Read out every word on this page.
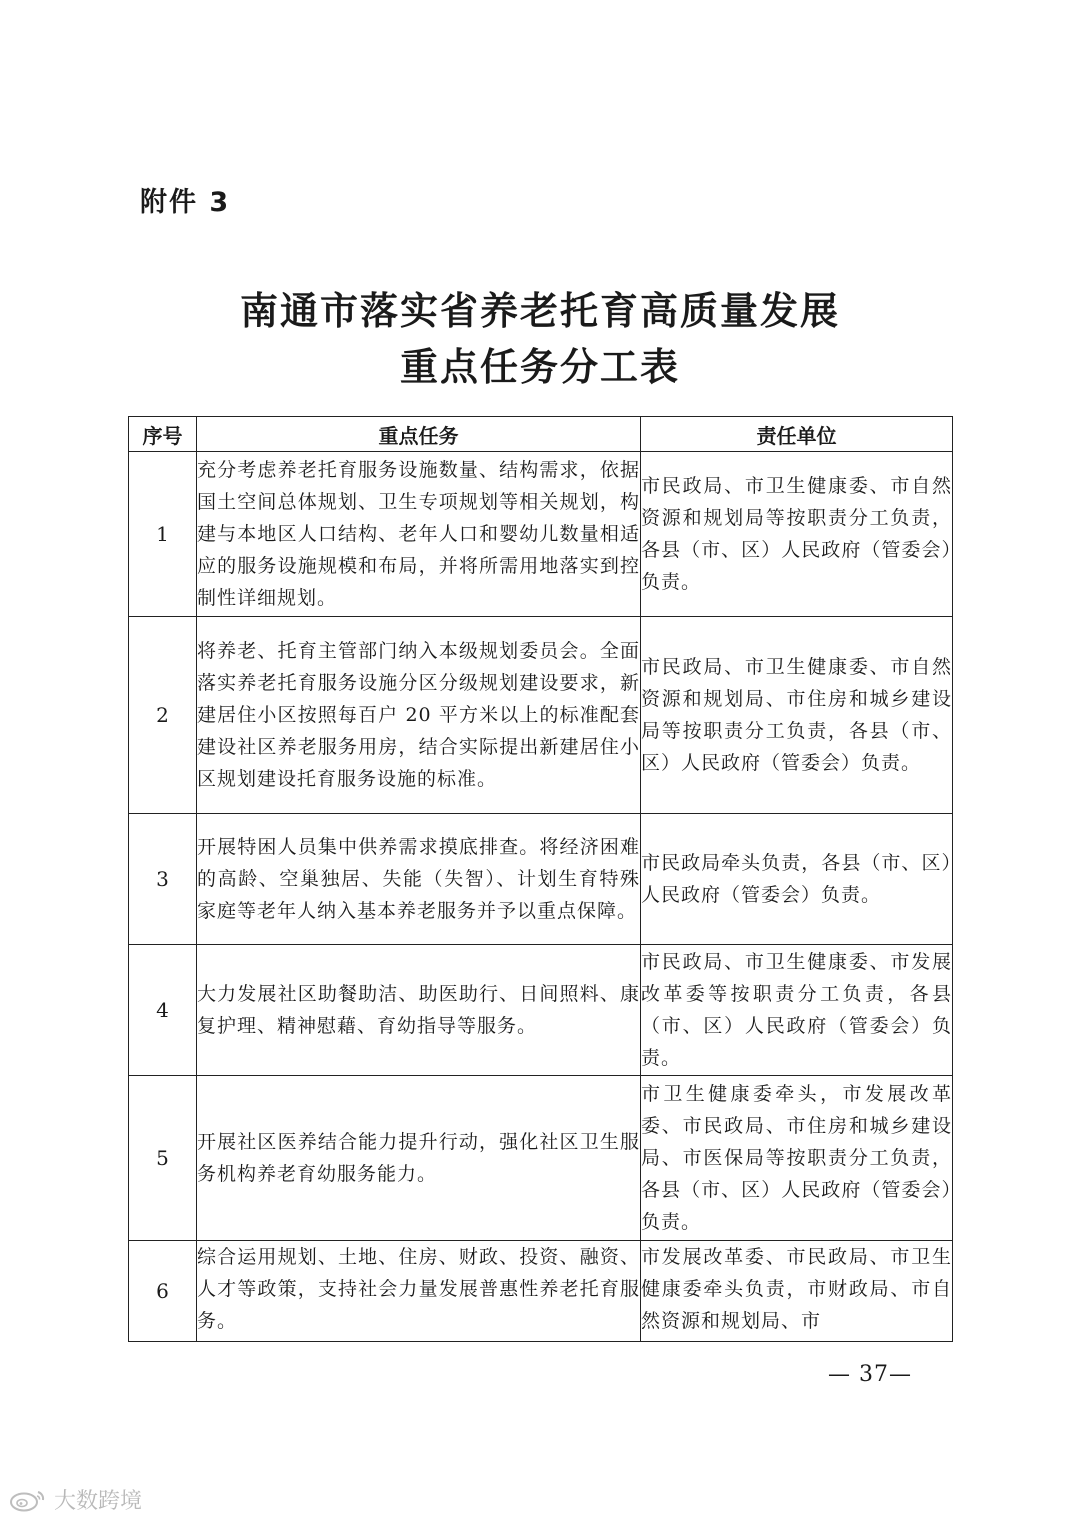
附件 3
南通市落实省养老托育高质量发展
重点任务分工表
序号	重点任务	责任单位
1	充分考虑养老托育服务设施数量、结构需求，依据国土空间总体规划、卫生专项规划等相关规划，构建与本地区人口结构、老年人口和婴幼儿数量相适应的服务设施规模和布局，并将所需用地落实到控制性详细规划。	市民政局、市卫生健康委、市自然资源和规划局等按职责分工负责，各县（市、区）人民政府（管委会）负责。
2	将养老、托育主管部门纳入本级规划委员会。全面落实养老托育服务设施分区分级规划建设要求，新建居住小区按照每百户 20 平方米以上的标准配套建设社区养老服务用房，结合实际提出新建居住小区规划建设托育服务设施的标准。	市民政局、市卫生健康委、市自然资源和规划局、市住房和城乡建设局等按职责分工负责，各县（市、区）人民政府（管委会）负责。
3	开展特困人员集中供养需求摸底排查。将经济困难的高龄、空巢独居、失能（失智）、计划生育特殊家庭等老年人纳入基本养老服务并予以重点保障。	市民政局牵头负责，各县（市、区）人民政府（管委会）负责。
4	大力发展社区助餐助洁、助医助行、日间照料、康复护理、精神慰藉、育幼指导等服务。	市民政局、市卫生健康委、市发展改革委等按职责分工负责，各县（市、区）人民政府（管委会）负责。
5	开展社区医养结合能力提升行动，强化社区卫生服务机构养老育幼服务能力。	市卫生健康委牵头，市发展改革委、市民政局、市住房和城乡建设局、市医保局等按职责分工负责，各县（市、区）人民政府（管委会）负责。
6	综合运用规划、土地、住房、财政、投资、融资、人才等政策，支持社会力量发展普惠性养老托育服务。	市发展改革委、市民政局、市卫生健康委牵头负责，市财政局、市自然资源和规划局、市
— 37—
大数跨境
